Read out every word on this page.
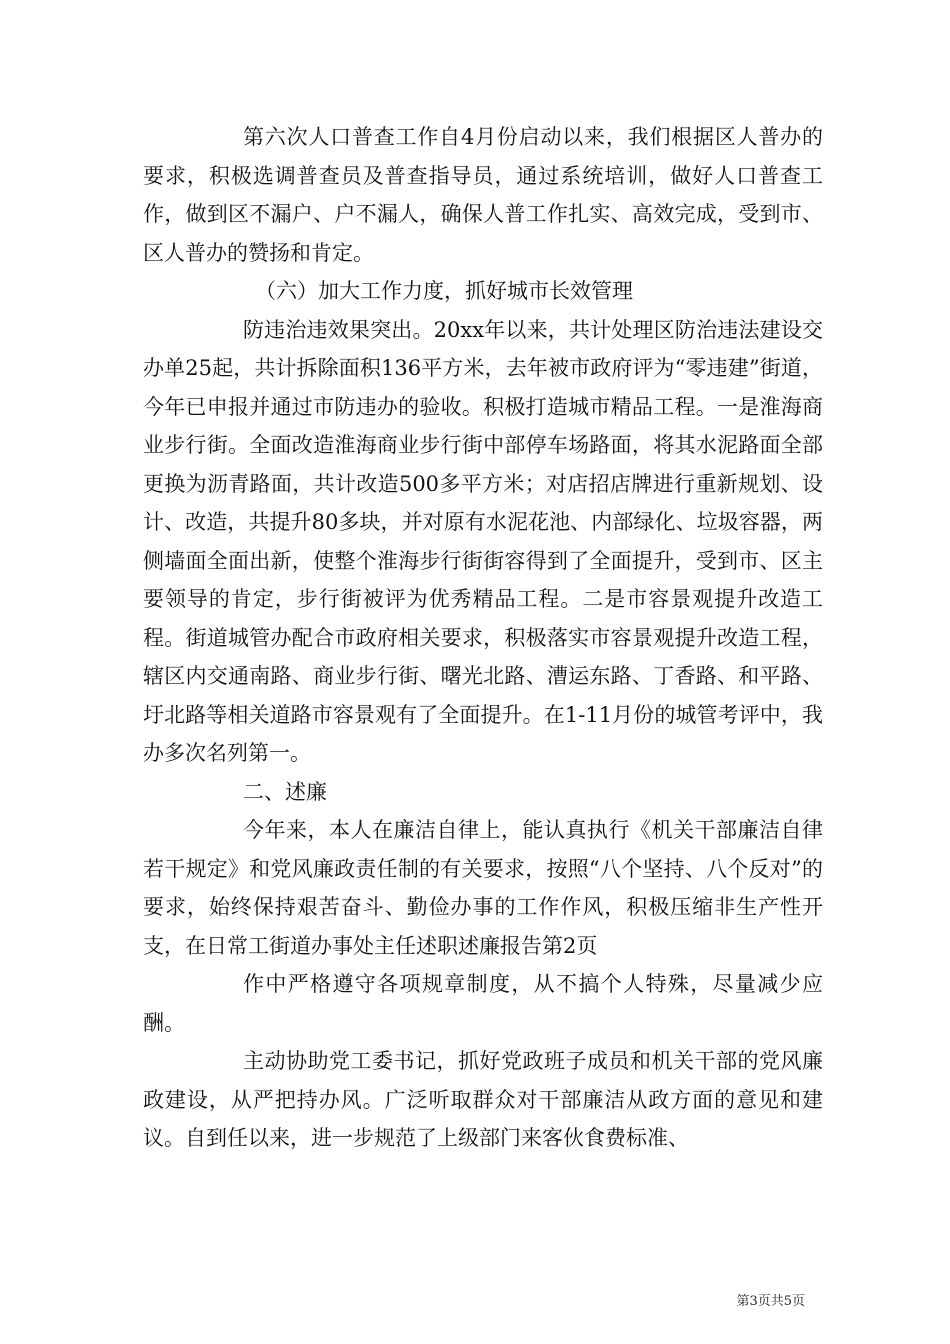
第六次人口普查工作自4月份启动以来，我们根据区人普办的要求，积极选调普查员及普查指导员，通过系统培训，做好人口普查工作，做到区不漏户、户不漏人，确保人普工作扎实、高效完成，受到市、区人普办的赞扬和肯定。

（六）加大工作力度，抓好城市长效管理

防违治违效果突出。20xx年以来，共计处理区防治违法建设交办单25起，共计拆除面积136平方米，去年被市政府评为“零违建”街道，今年已申报并通过市防违办的验收。积极打造城市精品工程。一是淮海商业步行街。全面改造淮海商业步行街中部停车场路面，将其水泥路面全部更换为沥青路面，共计改造500多平方米；对店招店牌进行重新规划、设计、改造，共提升80多块，并对原有水泥花池、内部绿化、垃圾容器，两侧墙面全面出新，使整个淮海步行街街容得到了全面提升，受到市、区主要领导的肯定，步行街被评为优秀精品工程。二是市容景观提升改造工程。街道城管办配合市政府相关要求，积极落实市容景观提升改造工程，辖区内交通南路、商业步行街、曙光北路、漕运东路、丁香路、和平路、圩北路等相关道路市容景观有了全面提升。在1-11月份的城管考评中，我办多次名列第一。

二、述廉

今年来，本人在廉洁自律上，能认真执行《机关干部廉洁自律若干规定》和党风廉政责任制的有关要求，按照“八个坚持、八个反对”的要求，始终保持艰苦奋斗、勤俭办事的工作作风，积极压缩非生产性开支，在日常工街道办事处主任述职述廉报告第2页

作中严格遵守各项规章制度，从不搞个人特殊，尽量减少应酬。

主动协助党工委书记，抓好党政班子成员和机关干部的党风廉政建设，从严把持办风。广泛听取群众对干部廉洁从政方面的意见和建议。自到任以来，进一步规范了上级部门来客伙食费标准、

第3页共5页
